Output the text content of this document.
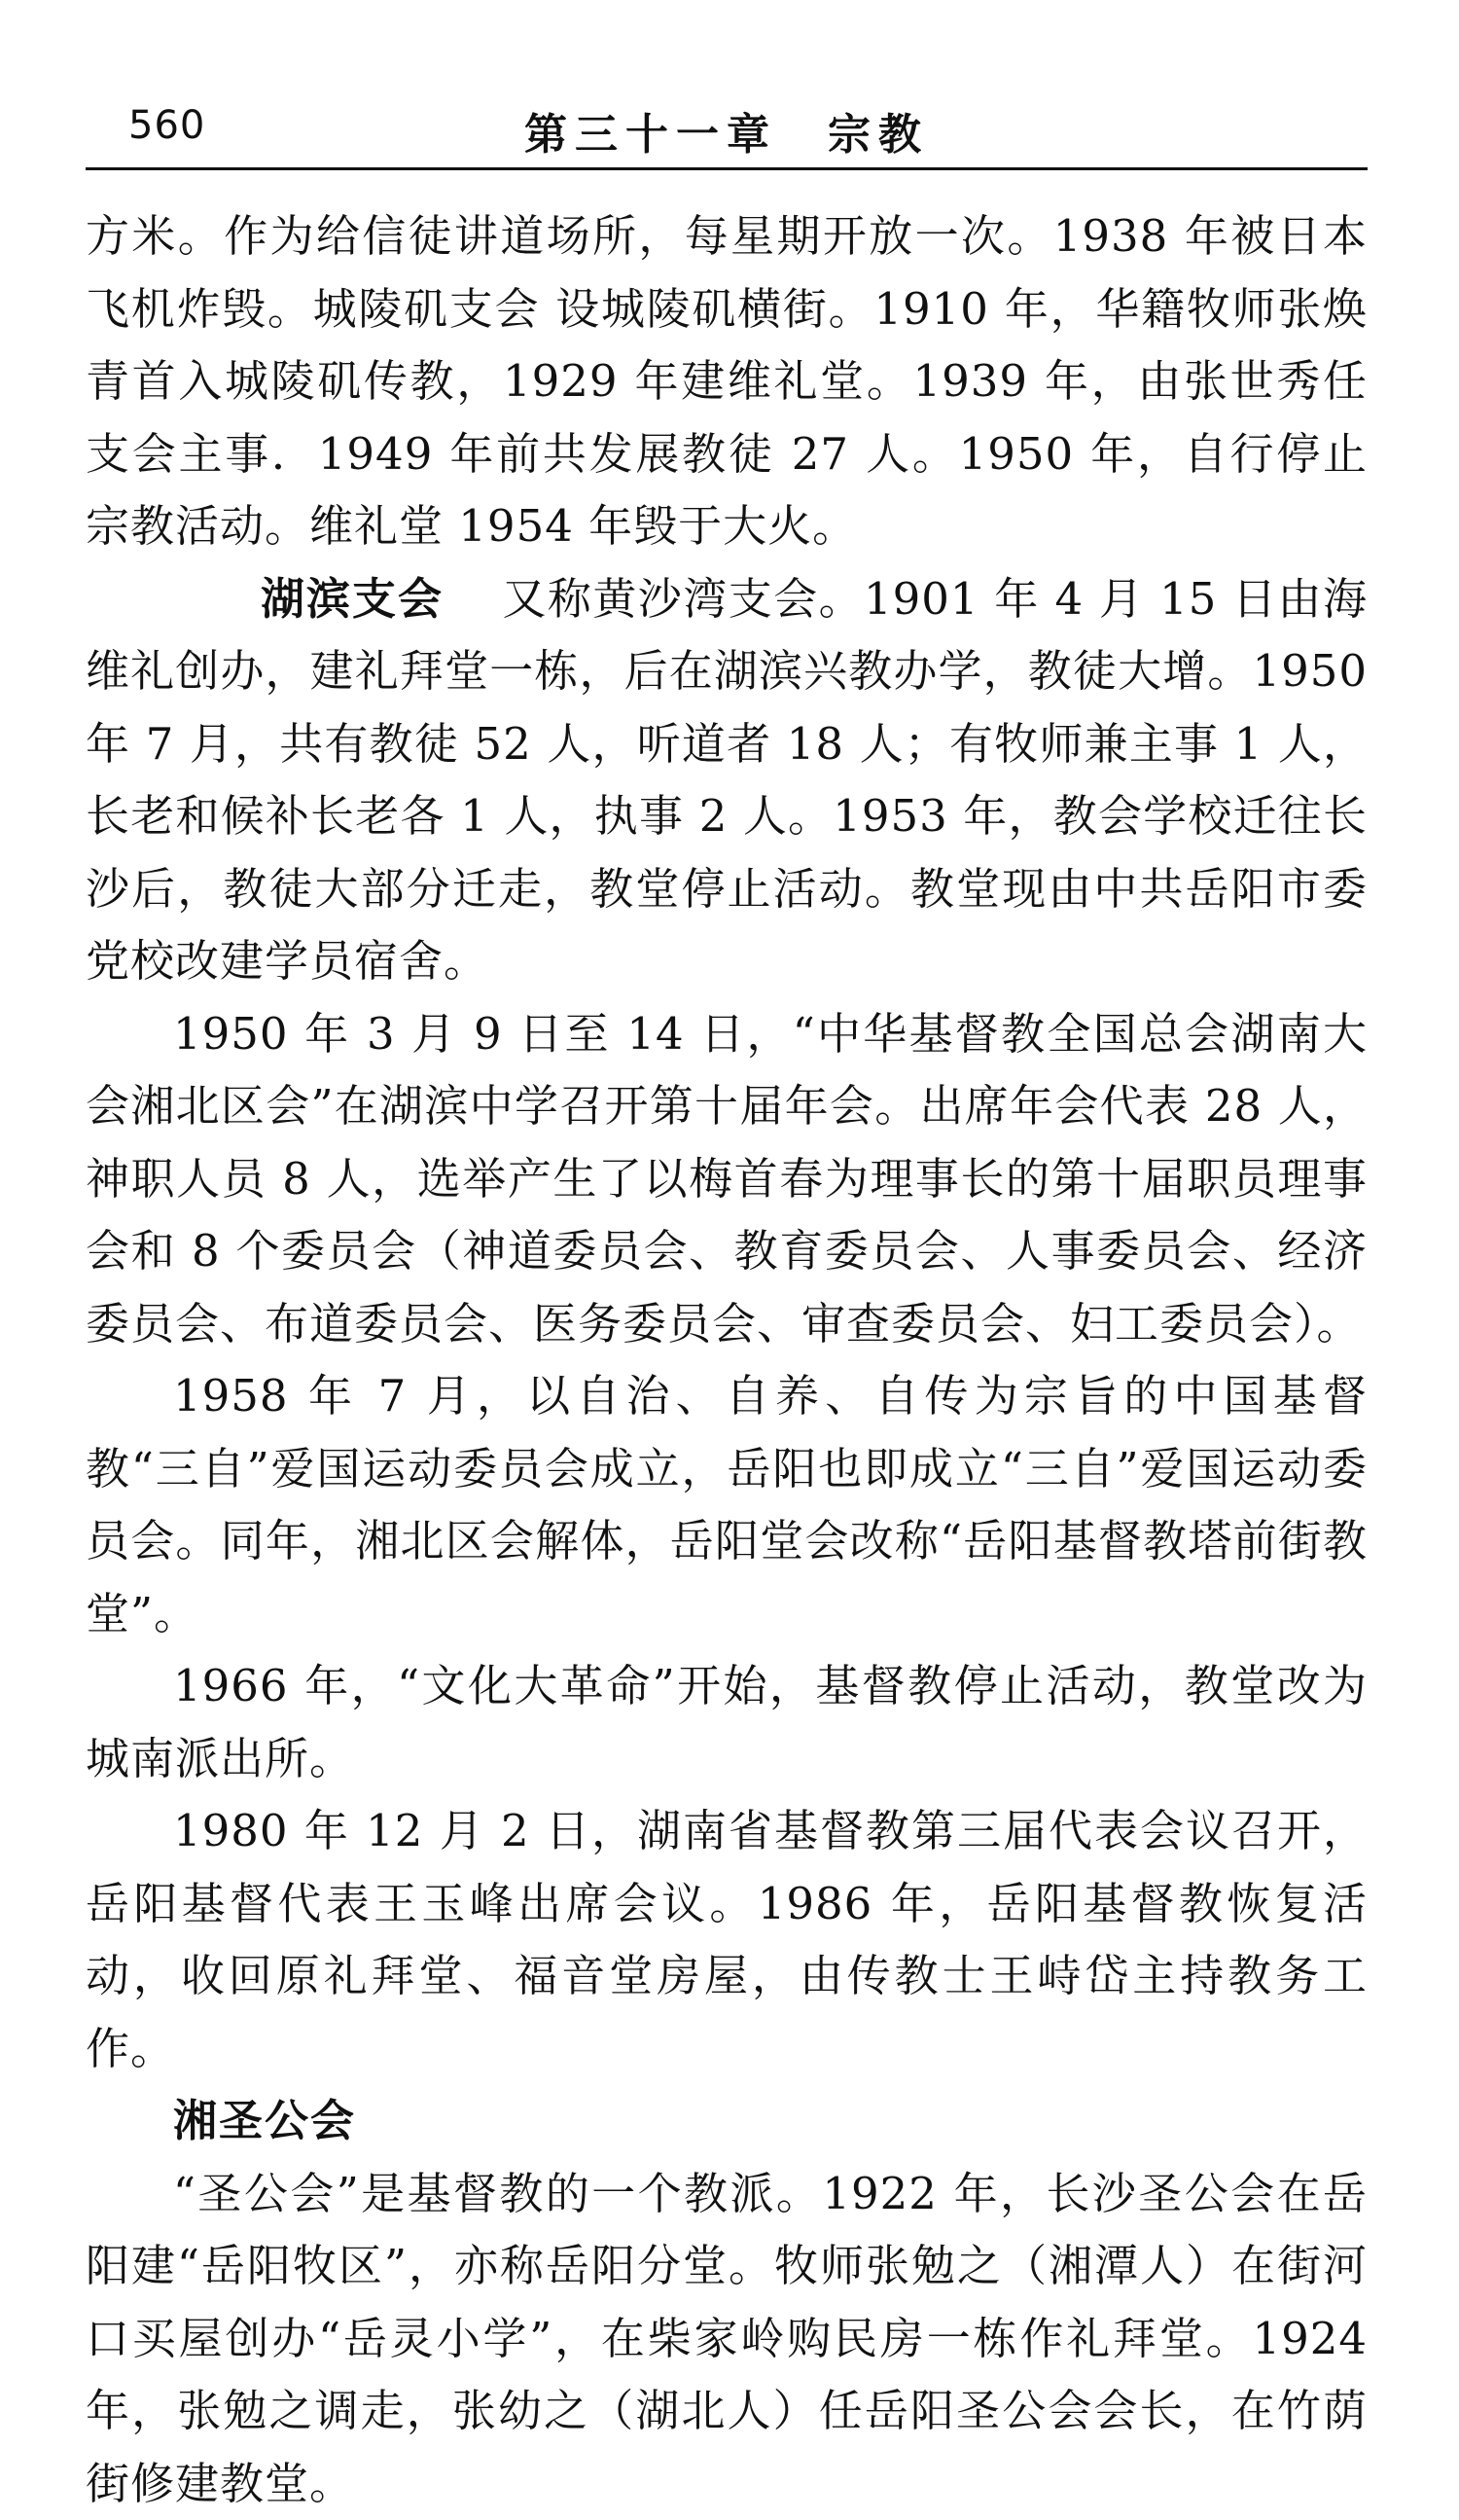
560	第三十一章　宗教

方米。作为给信徒讲道场所，每星期开放一次。1938 年被日本飞机炸毁。城陵矶支会 设城陵矶横街。1910 年，华籍牧师张焕青首入城陵矶传教，1929 年建维礼堂。1939 年，由张世秀任支会主事．1949 年前共发展教徒 27 人。1950 年，自行停止宗教活动。维礼堂 1954 年毁于大火。

湖滨支会 又称黄沙湾支会。1901 年 4 月 15 日由海维礼创办，建礼拜堂一栋，后在湖滨兴教办学，教徒大增。1950 年 7 月，共有教徒 52 人，听道者 18 人；有牧师兼主事 1 人，长老和候补长老各 1 人，执事 2 人。1953 年，教会学校迁往长沙后，教徒大部分迁走，教堂停止活动。教堂现由中共岳阳市委党校改建学员宿舍。

1950 年 3 月 9 日至 14 日，“中华基督教全国总会湖南大会湘北区会”在湖滨中学召开第十届年会。出席年会代表 28 人，神职人员 8 人，选举产生了以梅首春为理事长的第十届职员理事会和 8 个委员会（神道委员会、教育委员会、人事委员会、经济委员会、布道委员会、医务委员会、审查委员会、妇工委员会）。

1958 年 7 月，以自治、自养、自传为宗旨的中国基督教“三自”爱国运动委员会成立，岳阳也即成立“三自”爱国运动委员会。同年，湘北区会解体，岳阳堂会改称“岳阳基督教塔前街教堂”。

1966 年，“文化大革命”开始，基督教停止活动，教堂改为城南派出所。

1980 年 12 月 2 日，湖南省基督教第三届代表会议召开，岳阳基督代表王玉峰出席会议。1986 年，岳阳基督教恢复活动，收回原礼拜堂、福音堂房屋，由传教士王峙岱主持教务工作。

湘圣公会

“圣公会”是基督教的一个教派。1922 年，长沙圣公会在岳阳建“岳阳牧区”，亦称岳阳分堂。牧师张勉之（湘潭人）在街河口买屋创办“岳灵小学”，在柴家岭购民房一栋作礼拜堂。1924 年，张勉之调走，张幼之（湖北人）任岳阳圣公会会长，在竹荫街修建教堂。
